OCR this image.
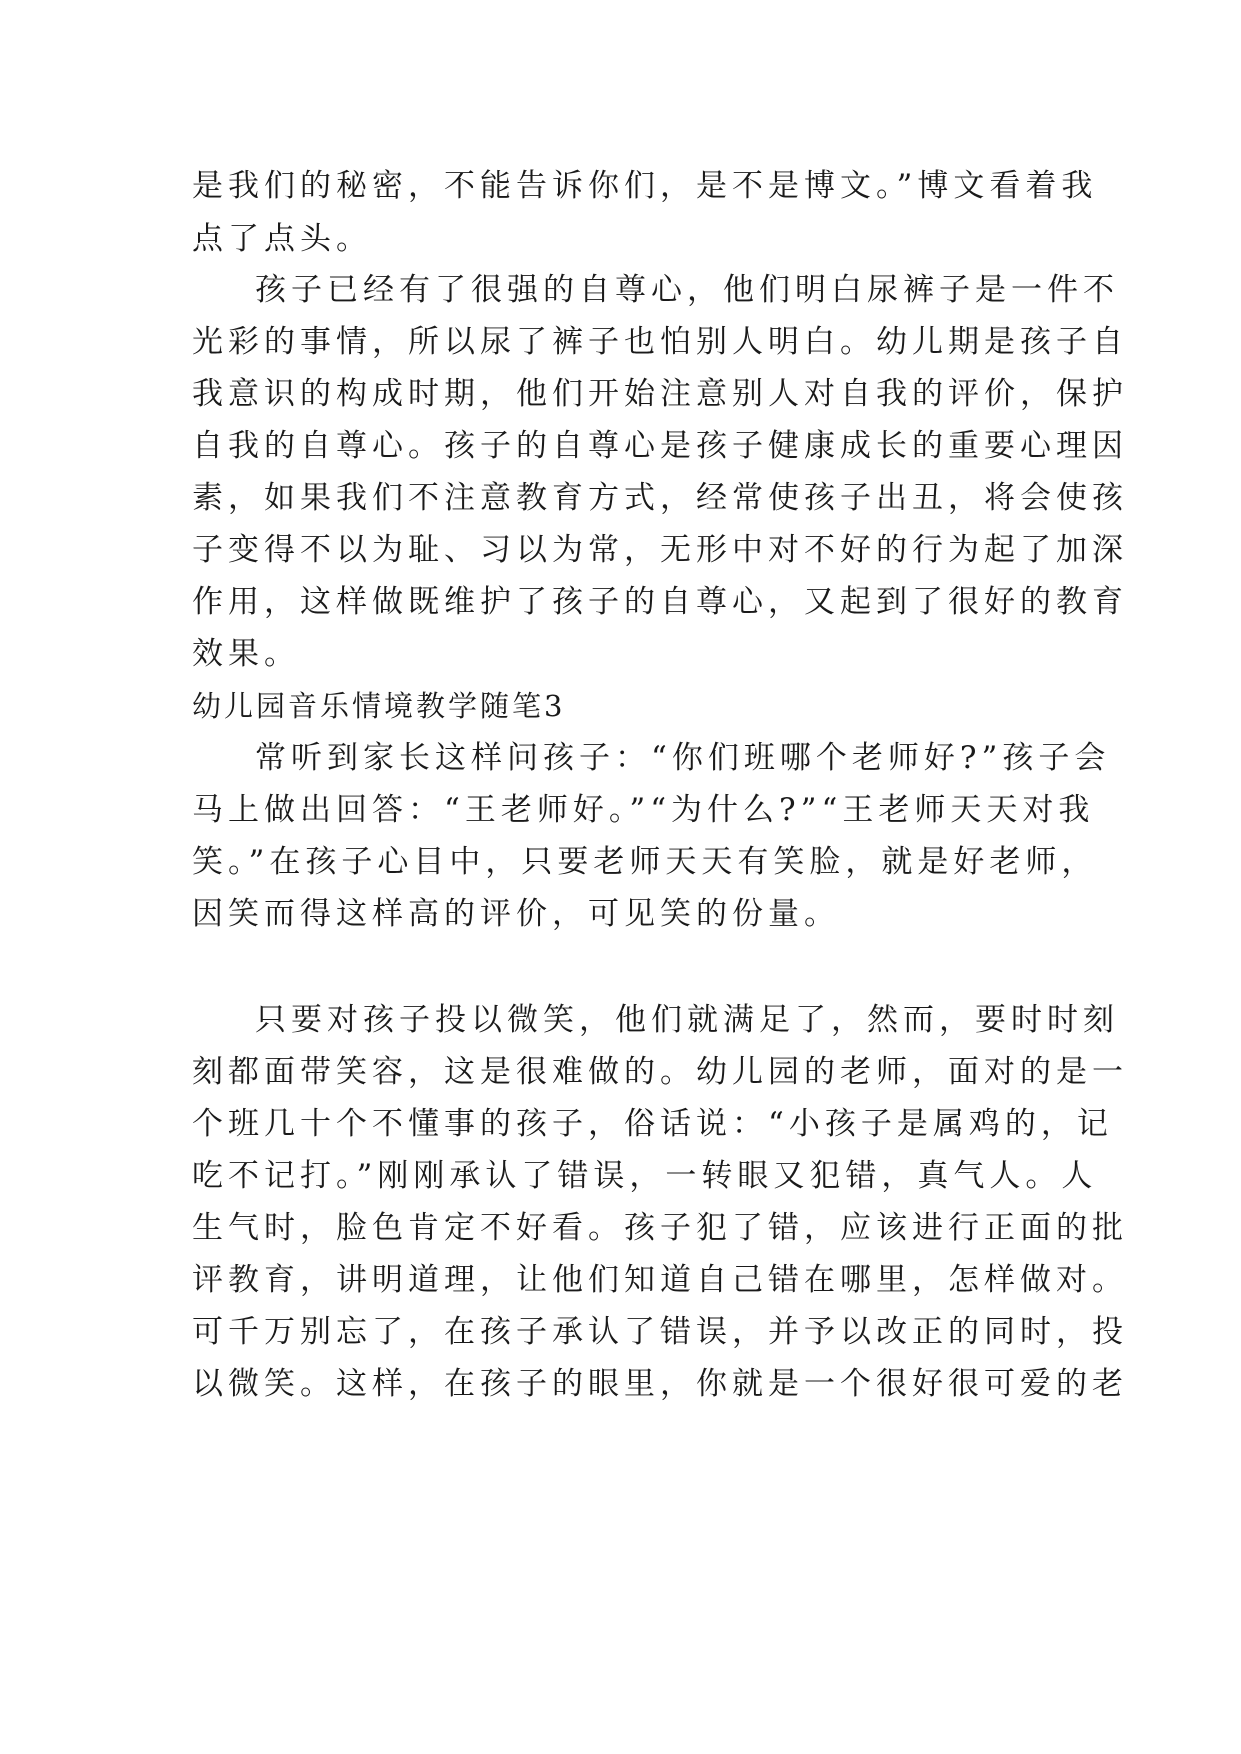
是我们的秘密，不能告诉你们，是不是博文。”博文看着我
点了点头。
孩子已经有了很强的自尊心，他们明白尿裤子是一件不
光彩的事情，所以尿了裤子也怕别人明白。幼儿期是孩子自
我意识的构成时期，他们开始注意别人对自我的评价，保护
自我的自尊心。孩子的自尊心是孩子健康成长的重要心理因
素，如果我们不注意教育方式，经常使孩子出丑，将会使孩
子变得不以为耻、习以为常，无形中对不好的行为起了加深
作用，这样做既维护了孩子的自尊心，又起到了很好的教育
效果。
幼儿园音乐情境教学随笔3
常听到家长这样问孩子：“你们班哪个老师好?”孩子会
马上做出回答：“王老师好。”“为什么?”“王老师天天对我
笑。”在孩子心目中，只要老师天天有笑脸，就是好老师，
因笑而得这样高的评价，可见笑的份量。
只要对孩子投以微笑，他们就满足了，然而，要时时刻
刻都面带笑容，这是很难做的。幼儿园的老师，面对的是一
个班几十个不懂事的孩子，俗话说：“小孩子是属鸡的，记
吃不记打。”刚刚承认了错误，一转眼又犯错，真气人。人
生气时，脸色肯定不好看。孩子犯了错，应该进行正面的批
评教育，讲明道理，让他们知道自己错在哪里，怎样做对。
可千万别忘了，在孩子承认了错误，并予以改正的同时，投
以微笑。这样，在孩子的眼里，你就是一个很好很可爱的老
